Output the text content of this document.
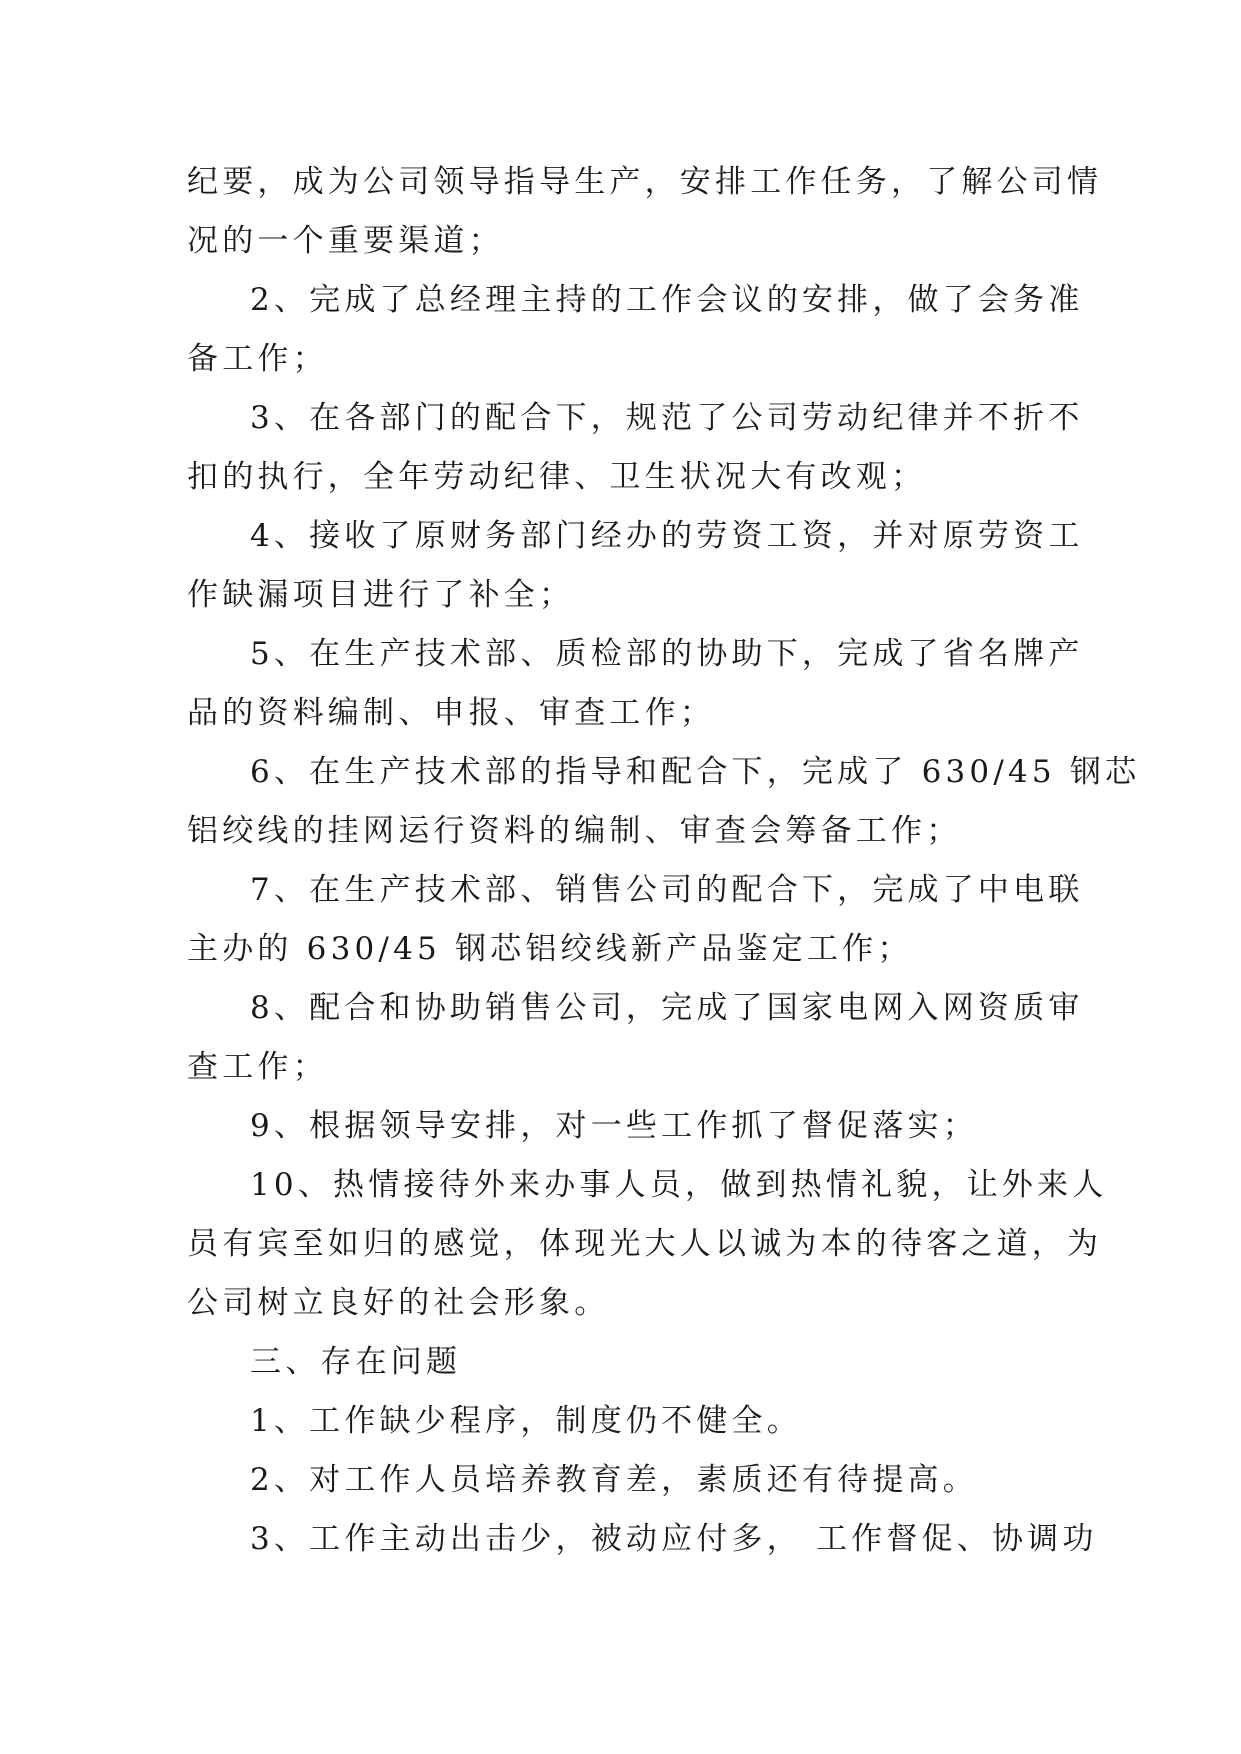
纪要，成为公司领导指导生产，安排工作任务，了解公司情
况的一个重要渠道；
2、完成了总经理主持的工作会议的安排，做了会务准
备工作；
3、在各部门的配合下，规范了公司劳动纪律并不折不
扣的执行，全年劳动纪律、卫生状况大有改观；
4、接收了原财务部门经办的劳资工资，并对原劳资工
作缺漏项目进行了补全；
5、在生产技术部、质检部的协助下，完成了省名牌产
品的资料编制、申报、审查工作；
6、在生产技术部的指导和配合下，完成了 630/45 钢芯
铝绞线的挂网运行资料的编制、审查会筹备工作；
7、在生产技术部、销售公司的配合下，完成了中电联
主办的 630/45 钢芯铝绞线新产品鉴定工作；
8、配合和协助销售公司，完成了国家电网入网资质审
查工作；
9、根据领导安排，对一些工作抓了督促落实；
10、热情接待外来办事人员，做到热情礼貌，让外来人
员有宾至如归的感觉，体现光大人以诚为本的待客之道，为
公司树立良好的社会形象。
三、存在问题
1、工作缺少程序，制度仍不健全。
2、对工作人员培养教育差，素质还有待提高。
3、工作主动出击少，被动应付多， 工作督促、协调功
